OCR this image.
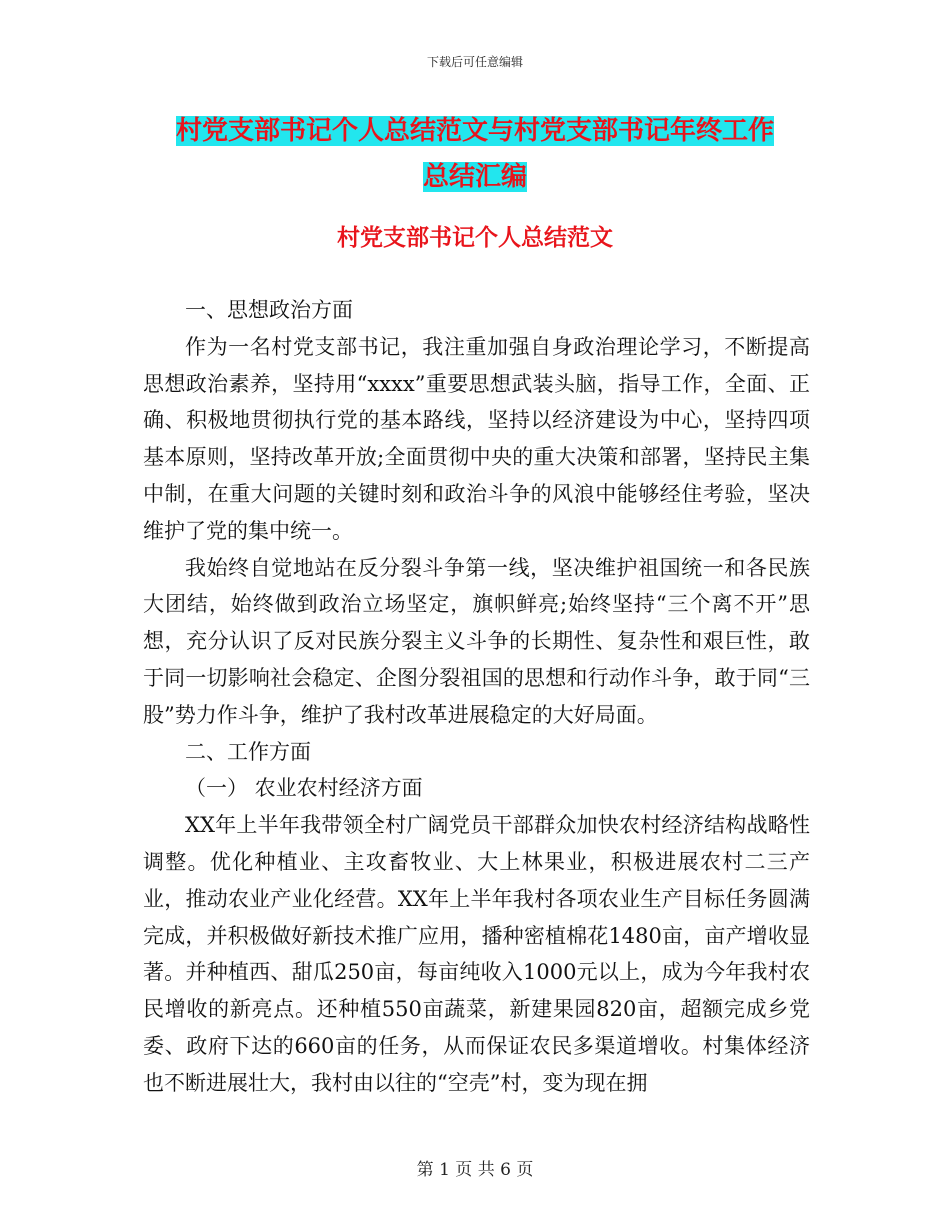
下载后可任意编辑
村党支部书记个人总结范文与村党支部书记年终工作
总结汇编
村党支部书记个人总结范文

一、思想政治方面

作为一名村党支部书记，我注重加强自身政治理论学习，不断提高思想政治素养，坚持用“xxxx”重要思想武装头脑，指导工作，全面、正确、积极地贯彻执行党的基本路线，坚持以经济建设为中心，坚持四项基本原则，坚持改革开放;全面贯彻中央的重大决策和部署，坚持民主集中制，在重大问题的关键时刻和政治斗争的风浪中能够经住考验，坚决维护了党的集中统一。

我始终自觉地站在反分裂斗争第一线，坚决维护祖国统一和各民族大团结，始终做到政治立场坚定，旗帜鲜亮;始终坚持“三个离不开”思想，充分认识了反对民族分裂主义斗争的长期性、复杂性和艰巨性，敢于同一切影响社会稳定、企图分裂祖国的思想和行动作斗争，敢于同“三股”势力作斗争，维护了我村改革进展稳定的大好局面。

二、工作方面

（一） 农业农村经济方面

XX年上半年我带领全村广阔党员干部群众加快农村经济结构战略性调整。优化种植业、主攻畜牧业、大上林果业，积极进展农村二三产业，推动农业产业化经营。XX年上半年我村各项农业生产目标任务圆满完成，并积极做好新技术推广应用，播种密植棉花1480亩，亩产增收显著。并种植西、甜瓜250亩，每亩纯收入1000元以上，成为今年我村农民增收的新亮点。还种植550亩蔬菜，新建果园820亩，超额完成乡党委、政府下达的660亩的任务，从而保证农民多渠道增收。村集体经济也不断进展壮大，我村由以往的“空壳”村，变为现在拥

第 1 页 共 6 页
